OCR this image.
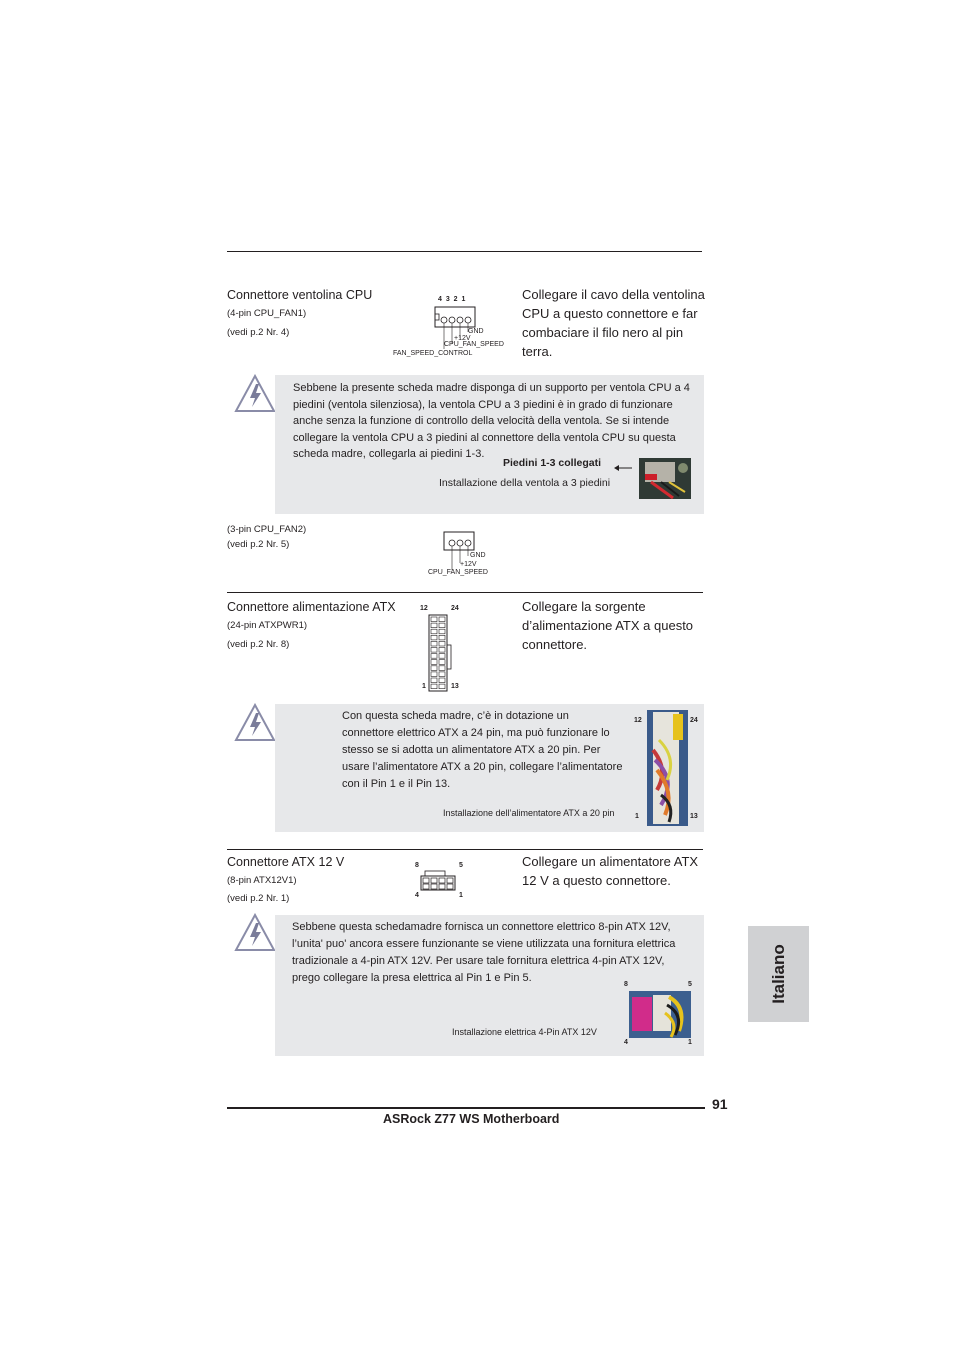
Connettore ventolina CPU
(4-pin CPU_FAN1)
(vedi p.2 Nr. 4)
4 3 2 1
GND
+12V
CPU_FAN_SPEED
FAN_SPEED_CONTROL
Collegare il cavo della ventolina
CPU a questo connettore e far
combaciare il filo nero al pin
terra.
Sebbene la presente scheda madre disponga di un supporto per ventola CPU a 4
piedini (ventola silenziosa), la ventola CPU a 3 piedini è in grado di funzionare
anche senza la funzione di controllo della velocità della ventola. Se si intende
collegare la ventola CPU a 3 piedini al connettore della ventola CPU su questa
scheda madre, collegarla ai piedini 1-3.
Piedini 1-3 collegati
Installazione della ventola a 3 piedini
(3-pin CPU_FAN2)
(vedi p.2 Nr. 5)
GND
+12V
CPU_FAN_SPEED
Connettore alimentazione ATX
(24-pin ATXPWR1)
(vedi p.2 Nr. 8)
12	24
1	13
Collegare la sorgente
d’alimentazione ATX a questo
connettore.
Con questa scheda madre, c’è in dotazione un
connettore elettrico ATX a 24 pin, ma può funzionare lo
stesso se si adotta un alimentatore ATX a 20 pin. Per
usare l’alimentatore ATX a 20 pin, collegare l’alimentatore
con il Pin 1 e il Pin 13.
Installazione dell’alimentatore ATX a 20 pin
12	24
1	13
Connettore ATX 12 V
(8-pin ATX12V1)
(vedi p.2 Nr. 1)
8	5
4	1
Collegare un alimentatore ATX
12 V a questo connettore.
Sebbene questa schedamadre fornisca un connettore elettrico 8-pin ATX 12V,
l’unita' puo' ancora essere funzionante se viene utilizzata una fornitura elettrica
tradizionale a 4-pin ATX 12V. Per usare tale fornitura elettrica 4-pin ATX 12V,
prego collegare la presa elettrica al Pin 1 e Pin 5.
Installazione elettrica 4-Pin ATX 12V
8	5
4	1
Italiano
91
ASRock Z77 WS Motherboard
